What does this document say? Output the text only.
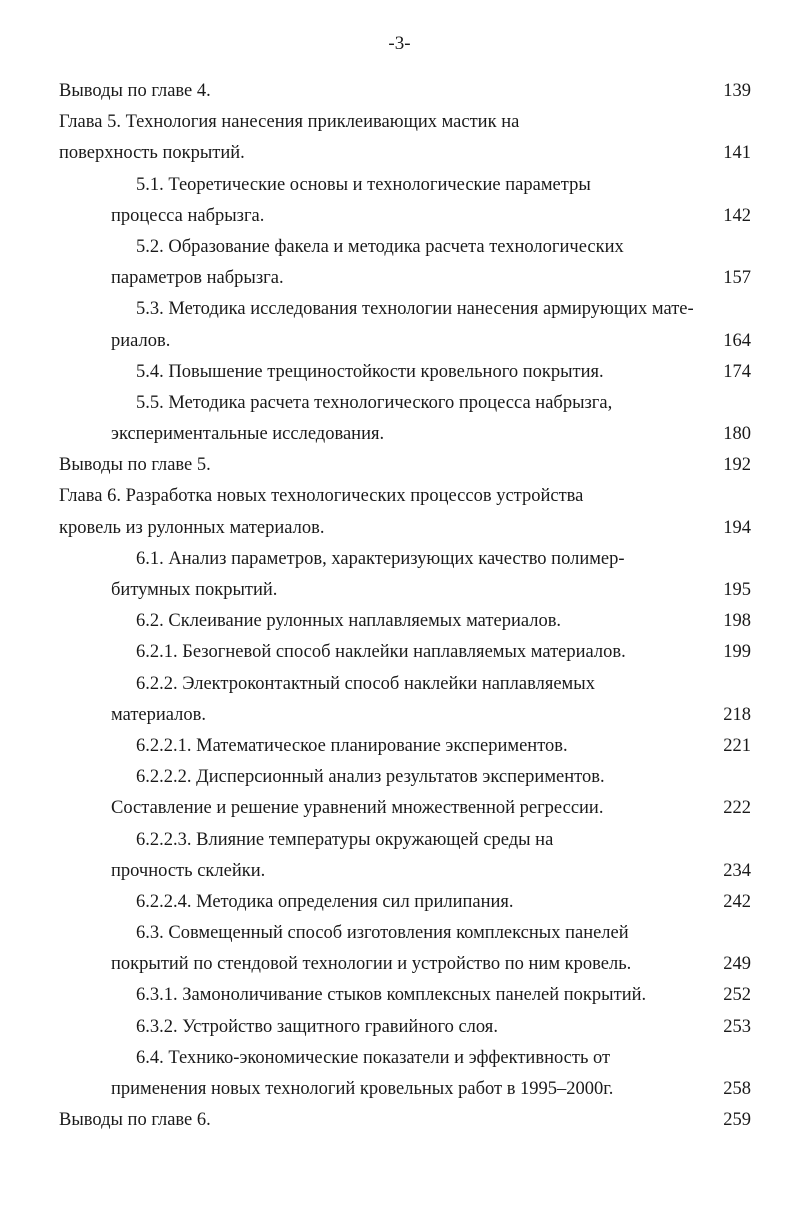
-3-
Выводы по главе 4.	139
Глава 5. Технология нанесения приклеивающих мастик на
поверхность покрытий.	141
5.1. Теоретические основы и технологические параметры
процесса набрызга.	142
5.2. Образование факела и методика расчета технологических
параметров набрызга.	157
5.3. Методика исследования технологии нанесения армирующих мате-
риалов.	164
5.4. Повышение трещиностойкости кровельного покрытия.	174
5.5. Методика расчета технологического процесса набрызга,
экспериментальные исследования.	180
Выводы по главе 5.	192
Глава 6. Разработка новых технологических процессов устройства
кровель из рулонных материалов.	194
6.1. Анализ параметров, характеризующих качество полимер-
битумных покрытий.	195
6.2. Склеивание рулонных наплавляемых материалов.	198
6.2.1. Безогневой способ наклейки наплавляемых материалов.	199
6.2.2. Электроконтактный способ наклейки наплавляемых
материалов.	218
6.2.2.1. Математическое планирование экспериментов.	221
6.2.2.2. Дисперсионный анализ результатов экспериментов.
Составление и решение уравнений множественной регрессии.	222
6.2.2.3. Влияние температуры окружающей среды на
прочность склейки.	234
6.2.2.4. Методика определения сил прилипания.	242
6.3. Совмещенный способ изготовления комплексных панелей
покрытий по стендовой технологии и устройство по ним кровель.	249
6.3.1. Замоноличивание стыков комплексных панелей покрытий.	252
6.3.2. Устройство защитного гравийного слоя.	253
6.4. Технико-экономические показатели и эффективность от
применения новых технологий кровельных работ в 1995–2000г.	258
Выводы по главе 6.	259
